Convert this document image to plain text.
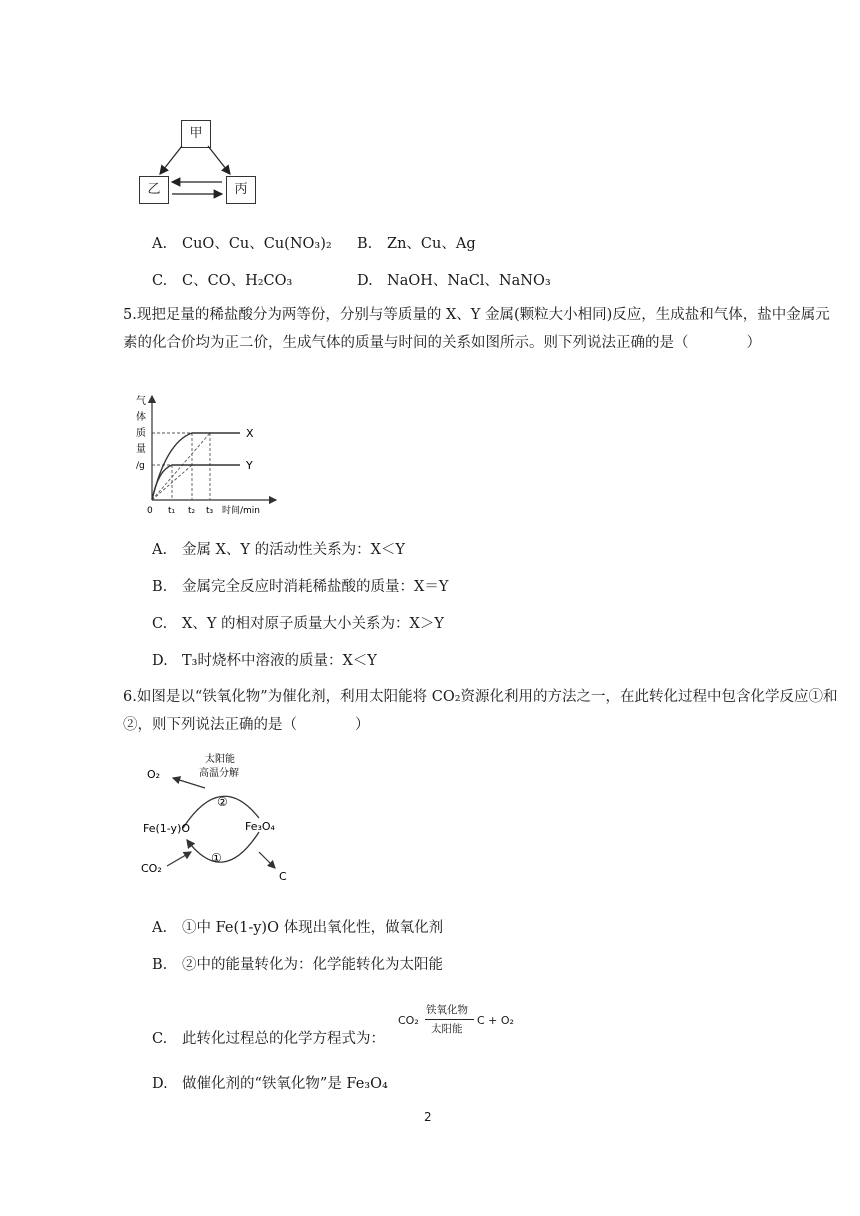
甲
乙	丙
A. CuO、Cu、Cu(NO₃)₂ B. Zn、Cu、Ag
C. C、CO、H₂CO₃	D. NaOH、NaCl、NaNO₃
5.现把足量的稀盐酸分为两等份，分别与等质量的 X、Y 金属(颗粒大小相同)反应，生成盐和气体，盐中金属元素的化合价均为正二价，生成气体的质量与时间的关系如图所示。则下列说法正确的是（　　　　）
气
体
质
量
/g
X
Y
0 t₁ t₂ t₃ 时间/min
A. 金属 X、Y 的活动性关系为：X＜Y
B. 金属完全反应时消耗稀盐酸的质量：X＝Y
C. X、Y 的相对原子质量大小关系为：X＞Y
D. T₃时烧杯中溶液的质量：X＜Y
6.如图是以“铁氧化物”为催化剂，利用太阳能将 CO₂资源化利用的方法之一，在此转化过程中包含化学反应①和②，则下列说法正确的是（　　　　）
太阳能
高温分解
②
①
O₂
Fe(1-y)O	Fe₃O₄
CO₂
C
A. ①中 Fe(1-y)O 体现出氧化性，做氧化剂
B. ②中的能量转化为：化学能转化为太阳能
C. 此转化过程总的化学方程式为：
CO₂
铁氧化物
太阳能
C + O₂
D. 做催化剂的“铁氧化物”是 Fe₃O₄
2
